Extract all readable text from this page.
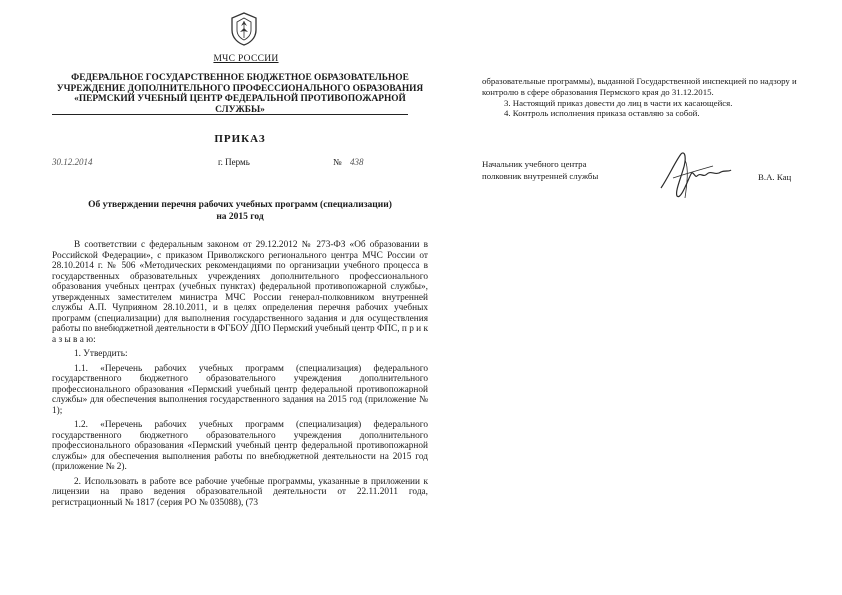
МЧС РОССИИ
ФЕДЕРАЛЬНОЕ ГОСУДАРСТВЕННОЕ БЮДЖЕТНОЕ ОБРАЗОВАТЕЛЬНОЕ
УЧРЕЖДЕНИЕ ДОПОЛНИТЕЛЬНОГО ПРОФЕССИОНАЛЬНОГО ОБРАЗОВАНИЯ
«ПЕРМСКИЙ УЧЕБНЫЙ ЦЕНТР ФЕДЕРАЛЬНОЙ ПРОТИВОПОЖАРНОЙ СЛУЖБЫ»
ПРИКАЗ
30.12.2014	г. Пермь	№ 438
Об утверждении перечня рабочих учебных программ (специализации)
на 2015 год

В соответствии с федеральным законом от 29.12.2012 № 273-ФЗ «Об образовании в Российской Федерации», с приказом Приволжского регионального центра МЧС России от 28.10.2014 г. № 506 «Методических рекомендациями по организации учебного процесса в государственных образовательных учреждениях дополнительного профессионального образования учебных центрах (учебных пунктах) федеральной противопожарной службы», утвержденных заместителем министра МЧС России генерал-полковником внутренней службы А.П. Чуприяном 28.10.2011, и в целях определения перечня рабочих учебных программ (специализации) для выполнения государственного задания и для осуществления работы по внебюджетной деятельности в ФГБОУ ДПО Пермский учебный центр ФПС, п р и к а з ы в а ю:

1. Утвердить:

1.1. «Перечень рабочих учебных программ (специализация) федерального государственного бюджетного образовательного учреждения дополнительного профессионального образования «Пермский учебный центр федеральной противопожарной службы» для обеспечения выполнения государственного задания на 2015 год (приложение № 1);

1.2. «Перечень рабочих учебных программ (специализация) федерального государственного бюджетного образовательного учреждения дополнительного профессионального образования «Пермский учебный центр федеральной противопожарной службы» для обеспечения выполнения работы по внебюджетной деятельности на 2015 год (приложение № 2).

2. Использовать в работе все рабочие учебные программы, указанные в приложении к лицензии на право ведения образовательной деятельности от 22.11.2011 года, регистрационный № 1817 (серия РО № 035088), (73

образовательные программы), выданной Государственной инспекцией по надзору и контролю в сфере образования Пермского края до 31.12.2015.

3. Настоящий приказ довести до лиц в части их касающейся.

4. Контроль исполнения приказа оставляю за собой.

Начальник учебного центра
полковник внутренней службы	В.А. Кац
